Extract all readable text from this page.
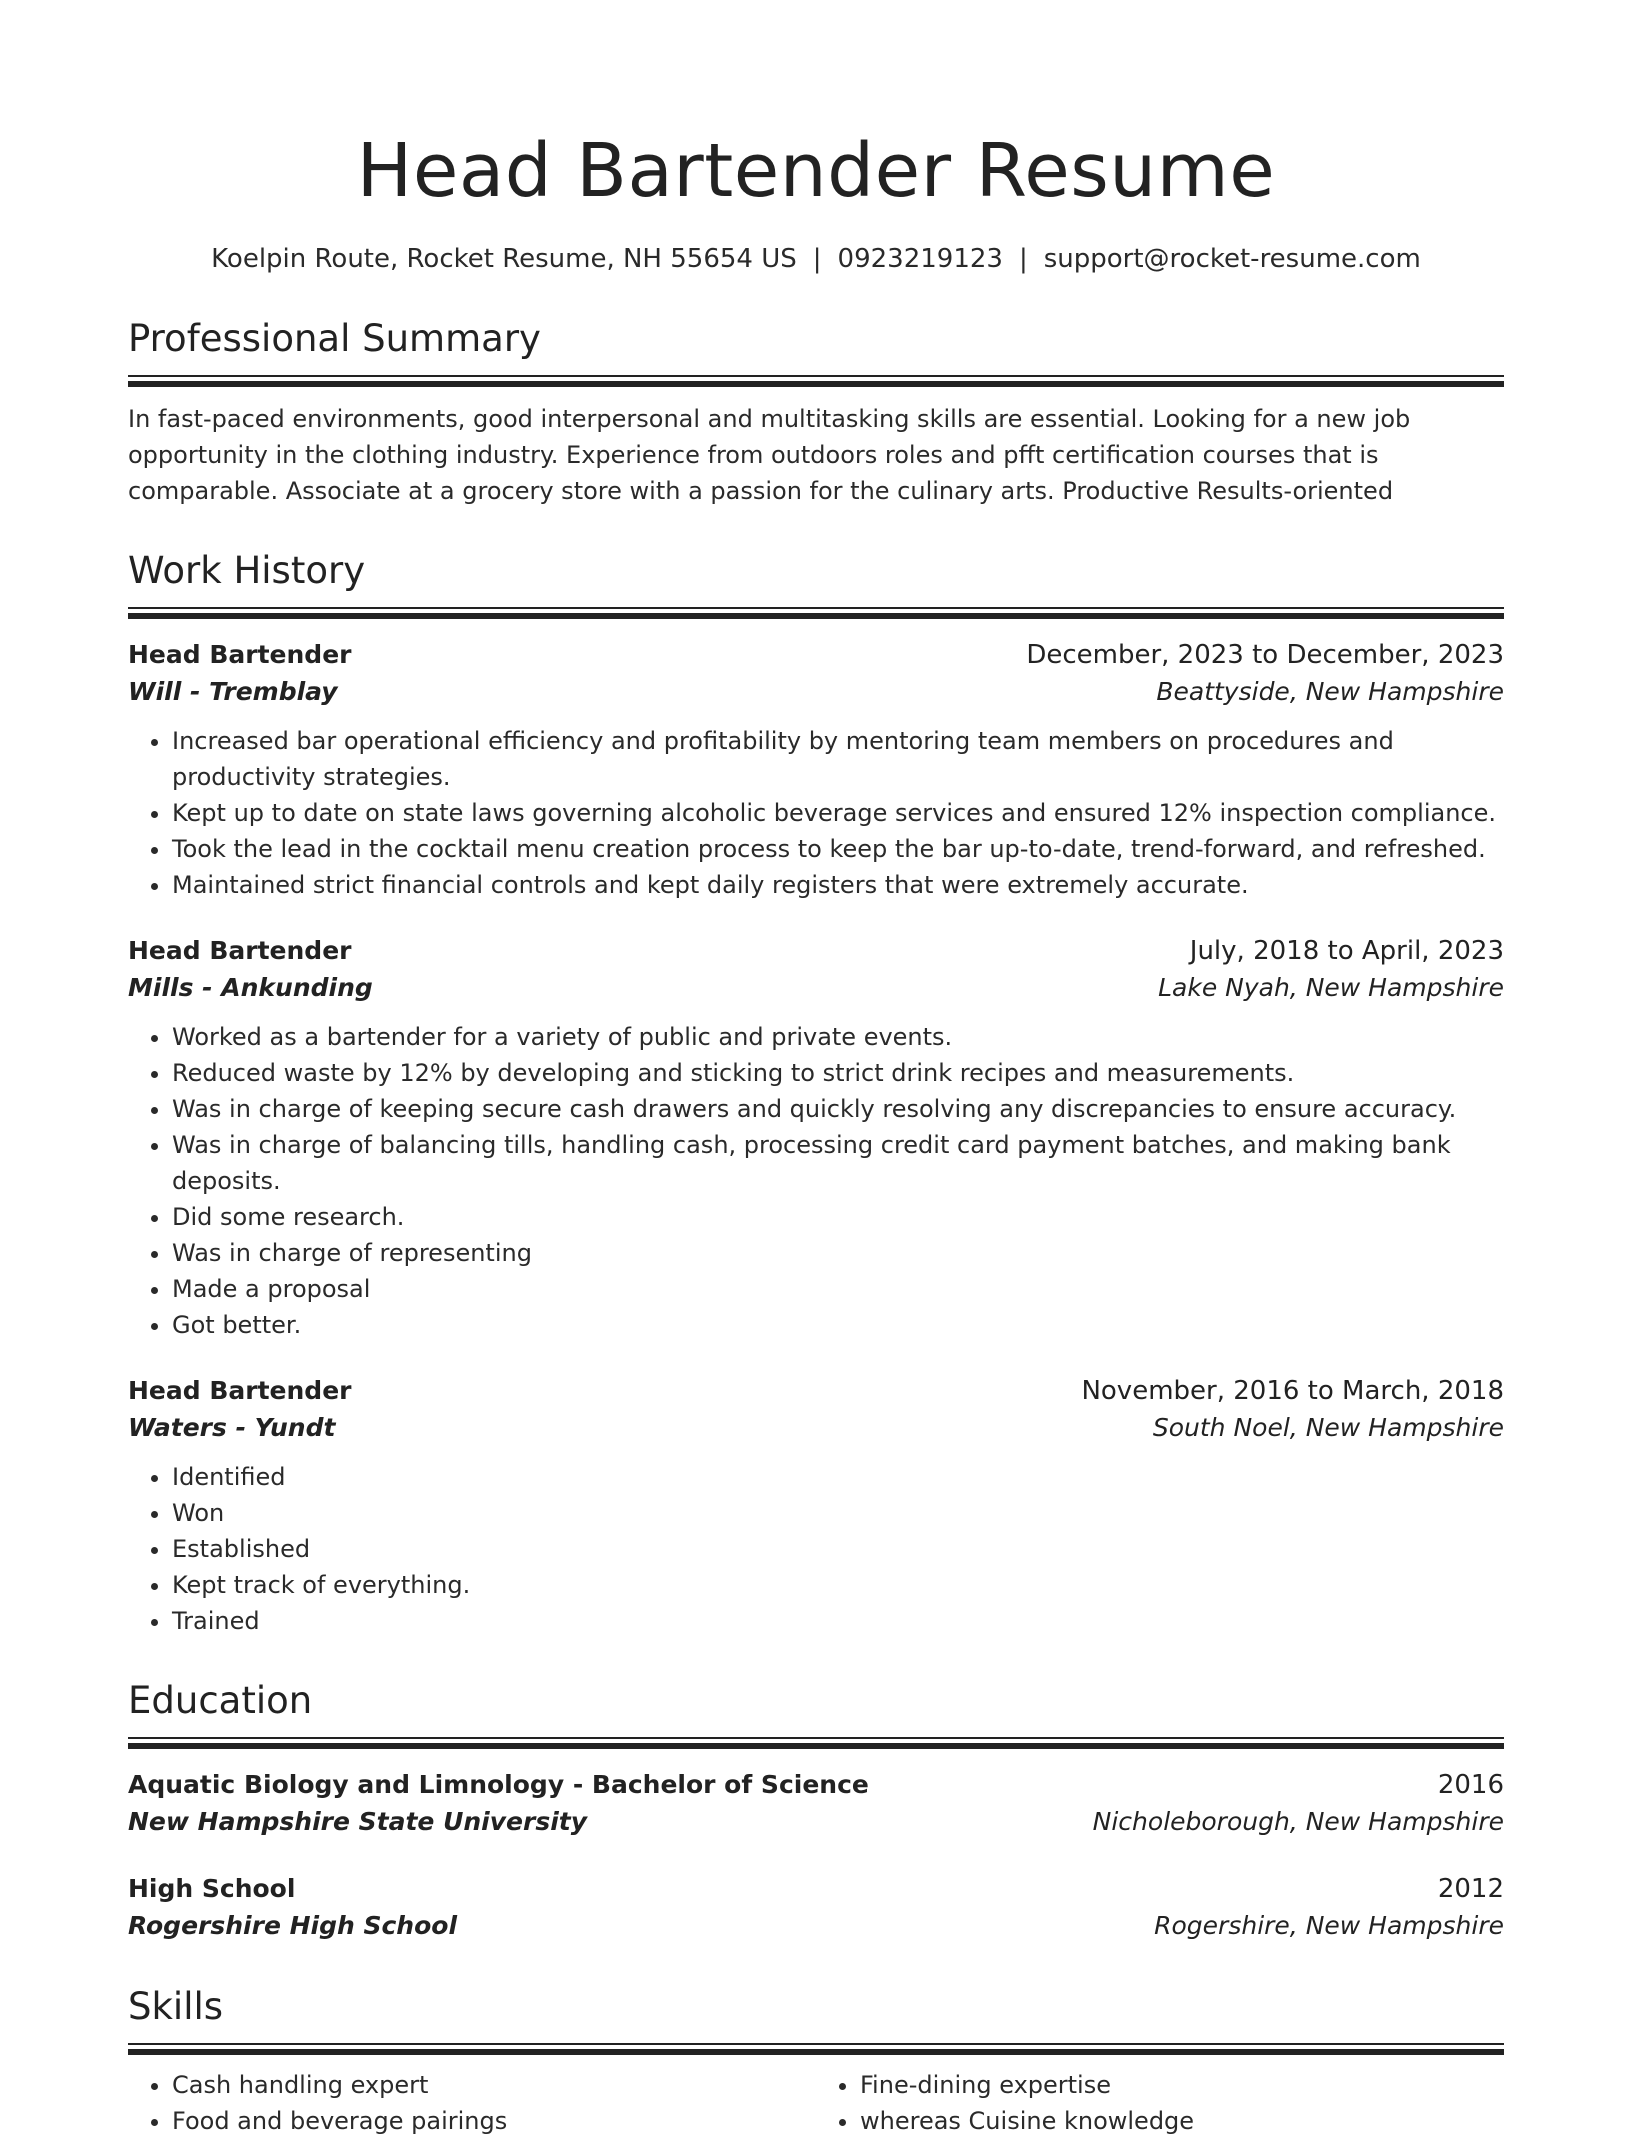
Head Bartender Resume
Koelpin Route, Rocket Resume, NH 55654 US | 0923219123 | support@rocket-resume.com
Professional Summary
In fast-paced environments, good interpersonal and multitasking skills are essential. Looking for a new job opportunity in the clothing industry. Experience from outdoors roles and pfft certification courses that is comparable. Associate at a grocery store with a passion for the culinary arts. Productive Results-oriented
Work History
Head Bartender	December, 2023 to December, 2023
Will - Tremblay	Beattyside, New Hampshire
• Increased bar operational efficiency and profitability by mentoring team members on procedures and productivity strategies.
• Kept up to date on state laws governing alcoholic beverage services and ensured 12% inspection compliance.
• Took the lead in the cocktail menu creation process to keep the bar up-to-date, trend-forward, and refreshed.
• Maintained strict financial controls and kept daily registers that were extremely accurate.
Head Bartender	July, 2018 to April, 2023
Mills - Ankunding	Lake Nyah, New Hampshire
• Worked as a bartender for a variety of public and private events.
• Reduced waste by 12% by developing and sticking to strict drink recipes and measurements.
• Was in charge of keeping secure cash drawers and quickly resolving any discrepancies to ensure accuracy.
• Was in charge of balancing tills, handling cash, processing credit card payment batches, and making bank deposits.
• Did some research.
• Was in charge of representing
• Made a proposal
• Got better.
Head Bartender	November, 2016 to March, 2018
Waters - Yundt	South Noel, New Hampshire
• Identified
• Won
• Established
• Kept track of everything.
• Trained
Education
Aquatic Biology and Limnology - Bachelor of Science	2016
New Hampshire State University	Nicholeborough, New Hampshire
High School	2012
Rogershire High School	Rogershire, New Hampshire
Skills
• Cash handling expert
• Food and beverage pairings
• Fine-dining expertise
• whereas Cuisine knowledge
